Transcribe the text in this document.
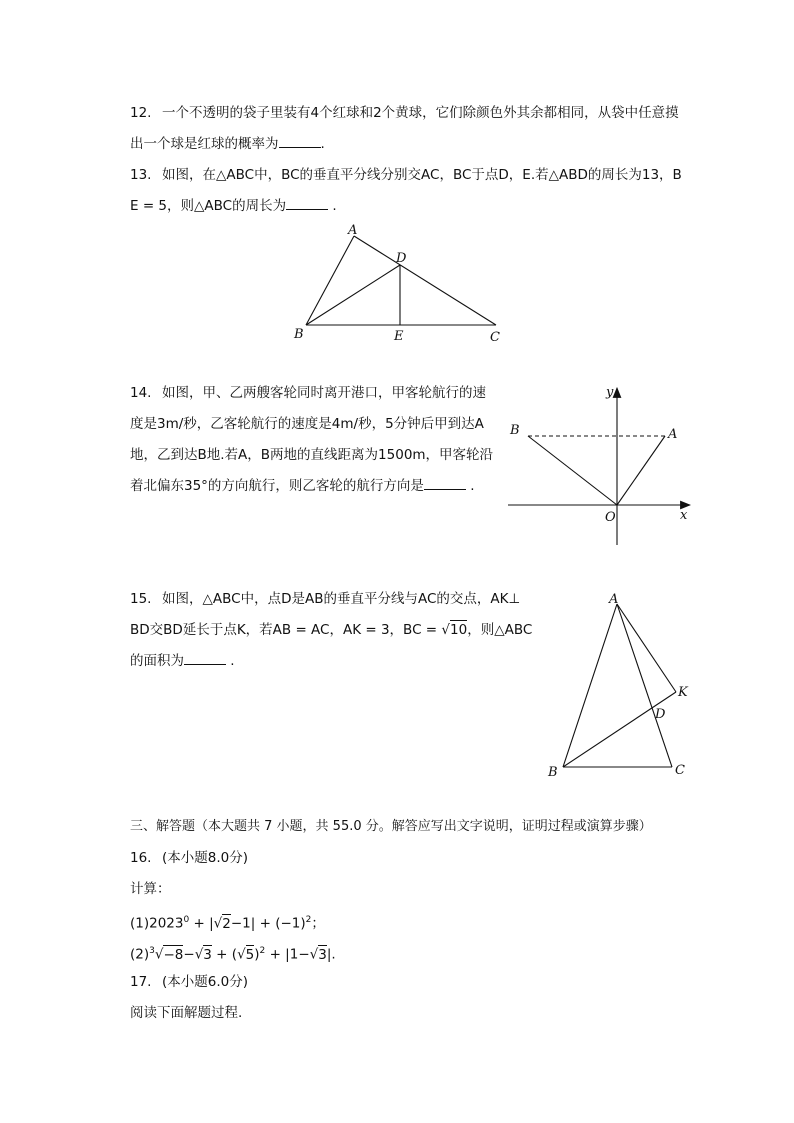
12. 一个不透明的袋子里装有4个红球和2个黄球，它们除颜色外其余都相同，从袋中任意摸
出一个球是红球的概率为	.
13. 如图，在△ABC中，BC的垂直平分线分别交AC，BC于点D，E.若△ABD的周长为13，B
E = 5，则△ABC的周长为	.
A
D
B	E	C
14. 如图，甲、乙两艘客轮同时离开港口，甲客轮航行的速
度是3m/秒，乙客轮航行的速度是4m/秒，5分钟后甲到达A
地，乙到达B地.若A，B两地的直线距离为1500m，甲客轮沿
着北偏东35°的方向航行，则乙客轮的航行方向是	.
y
x
O
A
B
15. 如图，△ABC中，点D是AB的垂直平分线与AC的交点，AK⊥
BD交BD延长于点K，若AB = AC，AK = 3，BC = √10，则△ABC
的面积为	.
A
K
D
B	C
三、解答题（本大题共 7 小题，共 55.0 分。解答应写出文字说明，证明过程或演算步骤）
16. (本小题8.0分)
计算：
$(1)2023^0 + |√2-1| + (-1)^2$；
$(2)^3√-8-√3 + (√5)^2 + |1-√3|$.
17. (本小题6.0分)
阅读下面解题过程.
